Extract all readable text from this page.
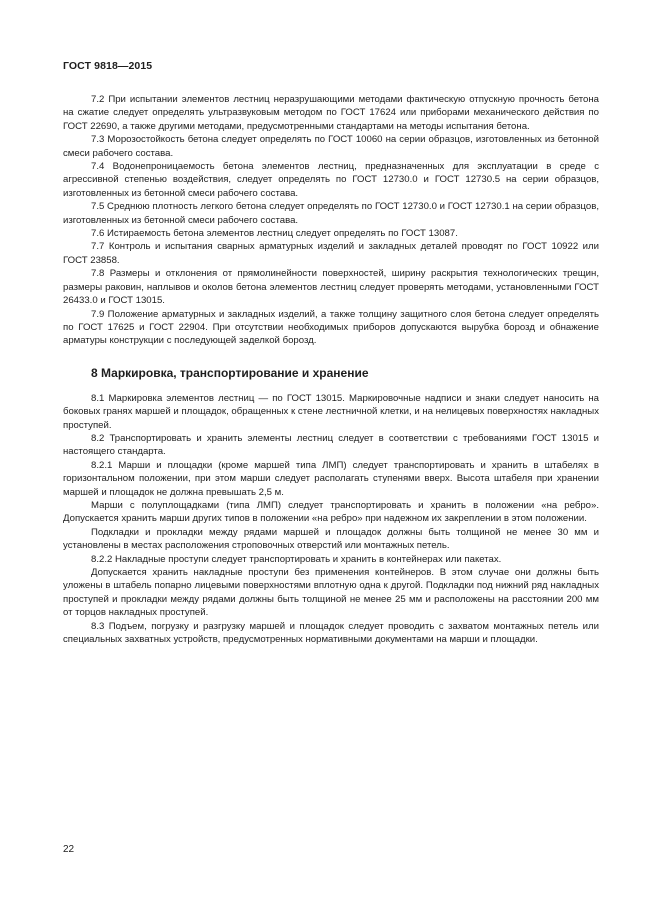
ГОСТ 9818—2015

7.2 При испытании элементов лестниц неразрушающими методами фактическую отпускную прочность бетона на сжатие следует определять ультразвуковым методом по ГОСТ 17624 или приборами механического действия по ГОСТ 22690, а также другими методами, предусмотренными стандартами на методы испытания бетона.

7.3 Морозостойкость бетона следует определять по ГОСТ 10060 на серии образцов, изготовленных из бетонной смеси рабочего состава.

7.4 Водонепроницаемость бетона элементов лестниц, предназначенных для эксплуатации в среде с агрессивной степенью воздействия, следует определять по ГОСТ 12730.0 и ГОСТ 12730.5 на серии образцов, изготовленных из бетонной смеси рабочего состава.

7.5 Среднюю плотность легкого бетона следует определять по ГОСТ 12730.0 и ГОСТ 12730.1 на серии образцов, изготовленных из бетонной смеси рабочего состава.

7.6 Истираемость бетона элементов лестниц следует определять по ГОСТ 13087.

7.7 Контроль и испытания сварных арматурных изделий и закладных деталей проводят по ГОСТ 10922 или ГОСТ 23858.

7.8 Размеры и отклонения от прямолинейности поверхностей, ширину раскрытия технологических трещин, размеры раковин, наплывов и околов бетона элементов лестниц следует проверять методами, установленными ГОСТ 26433.0 и ГОСТ 13015.

7.9 Положение арматурных и закладных изделий, а также толщину защитного слоя бетона следует определять по ГОСТ 17625 и ГОСТ 22904. При отсутствии необходимых приборов допускаются вырубка борозд и обнажение арматуры конструкции с последующей заделкой борозд.

8 Маркировка, транспортирование и хранение

8.1 Маркировка элементов лестниц — по ГОСТ 13015. Маркировочные надписи и знаки следует наносить на боковых гранях маршей и площадок, обращенных к стене лестничной клетки, и на нелицевых поверхностях накладных проступей.

8.2 Транспортировать и хранить элементы лестниц следует в соответствии с требованиями ГОСТ 13015 и настоящего стандарта.

8.2.1 Марши и площадки (кроме маршей типа ЛМП) следует транспортировать и хранить в штабелях в горизонтальном положении, при этом марши следует располагать ступенями вверх. Высота штабеля при хранении маршей и площадок не должна превышать 2,5 м.

Марши с полуплощадками (типа ЛМП) следует транспортировать и хранить в положении «на ребро». Допускается хранить марши других типов в положении «на ребро» при надежном их закреплении в этом положении.

Подкладки и прокладки между рядами маршей и площадок должны быть толщиной не менее 30 мм и установлены в местах расположения строповочных отверстий или монтажных петель.

8.2.2 Накладные проступи следует транспортировать и хранить в контейнерах или пакетах.

Допускается хранить накладные проступи без применения контейнеров. В этом случае они должны быть уложены в штабель попарно лицевыми поверхностями вплотную одна к другой. Подкладки под нижний ряд накладных проступей и прокладки между рядами должны быть толщиной не менее 25 мм и расположены на расстоянии 200 мм от торцов накладных проступей.

8.3 Подъем, погрузку и разгрузку маршей и площадок следует проводить с захватом монтажных петель или специальных захватных устройств, предусмотренных нормативными документами на марши и площадки.

22
